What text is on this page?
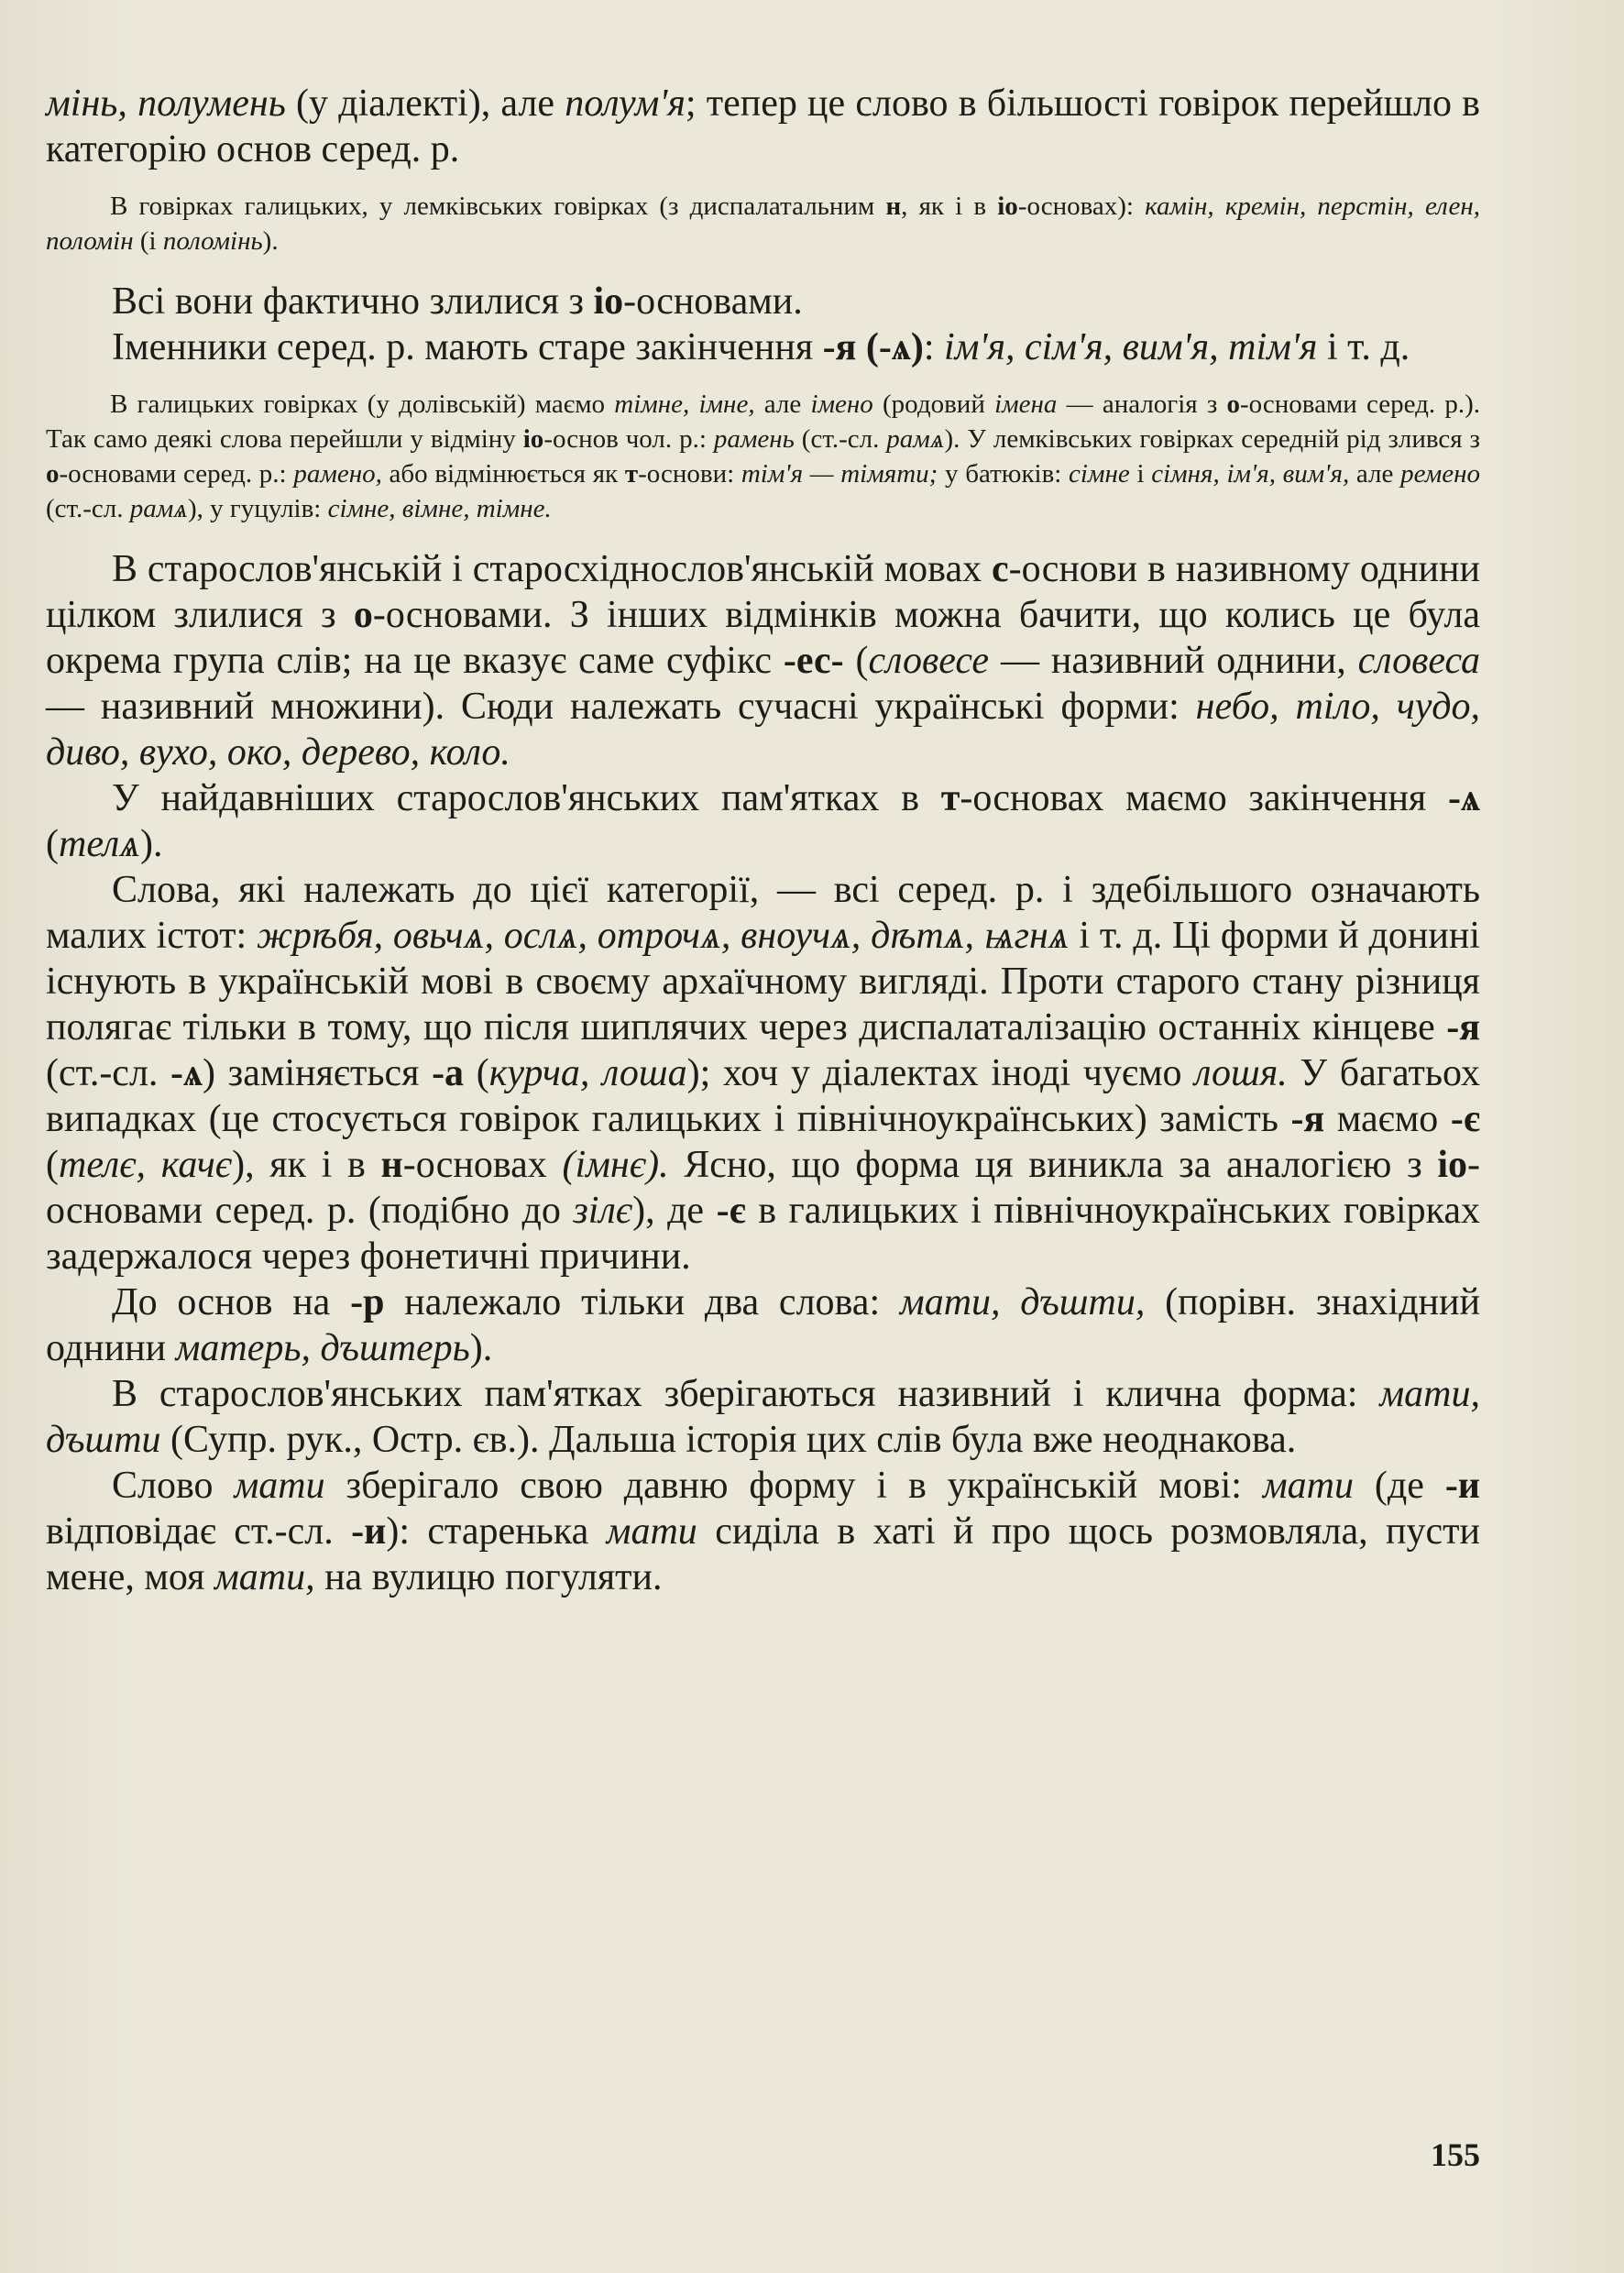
мінь, полумень (у діалекті), але полум'я; тепер це слово в більшості говірок перейшло в категорію основ серед. р.

В говірках галицьких, у лемківських говірках (з диспалатальним н, як і в іо-основах): камін, кремін, перстін, елен, поломін (і поломінь).

Всі вони фактично злилися з іо-основами.

Іменники серед. р. мають старе закінчення -я (-ѧ): ім'я, сім'я, вим'я, тім'я і т. д.

В галицьких говірках (у долівській) маємо тімне, імне, але імено (родовий імена — аналогія з о-основами серед. р.). Так само деякі слова перейшли у відміну іо-основ чол. р.: рамень (ст.-сл. рамѧ). У лемківських говірках середній рід злився з о-основами серед. р.: рамено, або відмінюється як т-основи: тім'я — тімяти; у батюків: сімне і сімня, ім'я, вим'я, але ремено (ст.-сл. рамѧ), у гуцулів: сімне, вімне, тімне.

В старослов'янській і старосхіднослов'янській мовах с-основи в називному однини цілком злилися з о-основами. З інших відмінків можна бачити, що колись це була окрема група слів; на це вказує саме суфікс -ес- (словесе — називний однини, словеса — називний множини). Сюди належать сучасні українські форми: небо, тіло, чудо, диво, вухо, око, дерево, коло.

У найдавніших старослов'янських пам'ятках в т-основах маємо закінчення -ѧ (телѧ).

Слова, які належать до цієї категорії, — всі серед. р. і здебільшого означають малих істот: жрѣбя, овьчѧ, ослѧ, отрочѧ, вноучѧ, дѣтѧ, ѩгнѧ і т. д. Ці форми й донині існують в українській мові в своєму архаїчному вигляді. Проти старого стану різниця полягає тільки в тому, що після шиплячих через диспалаталізацію останніх кінцеве -я (ст.-сл. -ѧ) заміняється -а (курча, лоша); хоч у діалектах іноді чуємо лошя. У багатьох випадках (це стосується говірок галицьких і північноукраїнських) замість -я маємо -є (телє, качє), як і в н-основах (імнє). Ясно, що форма ця виникла за аналогією з іо-основами серед. р. (подібно до зілє), де -є в галицьких і північноукраїнських говірках задержалося через фонетичні причини.

До основ на -р належало тільки два слова: мати, дъшти, (порівн. знахідний однини матерь, дъштерь).

В старослов'янських пам'ятках зберігаються називний і клична форма: мати, дъшти (Супр. рук., Остр. єв.). Дальша історія цих слів була вже неоднакова.

Слово мати зберігало свою давню форму і в українській мові: мати (де -и відповідає ст.-сл. -и): старенька мати сиділа в хаті й про щось розмовляла, пусти мене, моя мати, на вулицю погуляти.

155
